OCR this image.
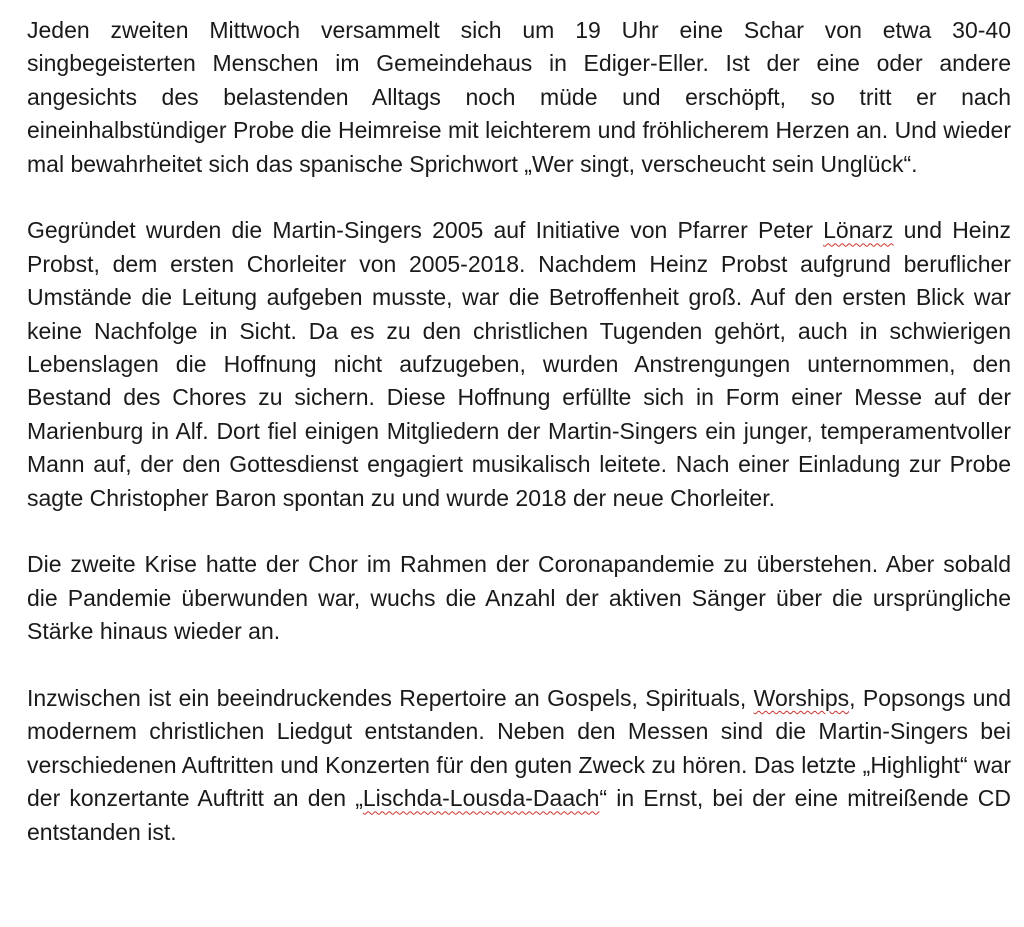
Jeden zweiten Mittwoch versammelt sich um 19 Uhr eine Schar von etwa 30-40 singbegeisterten Menschen im Gemeindehaus in Ediger-Eller. Ist der eine oder andere angesichts des belastenden Alltags noch müde und erschöpft, so tritt er nach eineinhalbstündiger Probe die Heimreise mit leichterem und fröhlicherem Herzen an. Und wieder mal bewahrheitet sich das spanische Sprichwort „Wer singt, verscheucht sein Unglück“.

Gegründet wurden die Martin-Singers 2005 auf Initiative von Pfarrer Peter Lönarz und Heinz Probst, dem ersten Chorleiter von 2005-2018. Nachdem Heinz Probst aufgrund beruflicher Umstände die Leitung aufgeben musste, war die Betroffenheit groß. Auf den ersten Blick war keine Nachfolge in Sicht. Da es zu den christlichen Tugenden gehört, auch in schwierigen Lebenslagen die Hoffnung nicht aufzugeben, wurden Anstrengungen unternommen, den Bestand des Chores zu sichern. Diese Hoffnung erfüllte sich in Form einer Messe auf der Marienburg in Alf. Dort fiel einigen Mitgliedern der Martin-Singers ein junger, temperamentvoller Mann auf, der den Gottesdienst engagiert musikalisch leitete. Nach einer Einladung zur Probe sagte Christopher Baron spontan zu und wurde 2018 der neue Chorleiter.

Die zweite Krise hatte der Chor im Rahmen der Coronapandemie zu überstehen. Aber sobald die Pandemie überwunden war, wuchs die Anzahl der aktiven Sänger über die ursprüngliche Stärke hinaus wieder an.

Inzwischen ist ein beeindruckendes Repertoire an Gospels, Spirituals, Worships, Popsongs und modernem christlichen Liedgut entstanden. Neben den Messen sind die Martin-Singers bei verschiedenen Auftritten und Konzerten für den guten Zweck zu hören. Das letzte „Highlight“ war der konzertante Auftritt an den „Lischda-Lousda-Daach“ in Ernst, bei der eine mitreißende CD entstanden ist.
